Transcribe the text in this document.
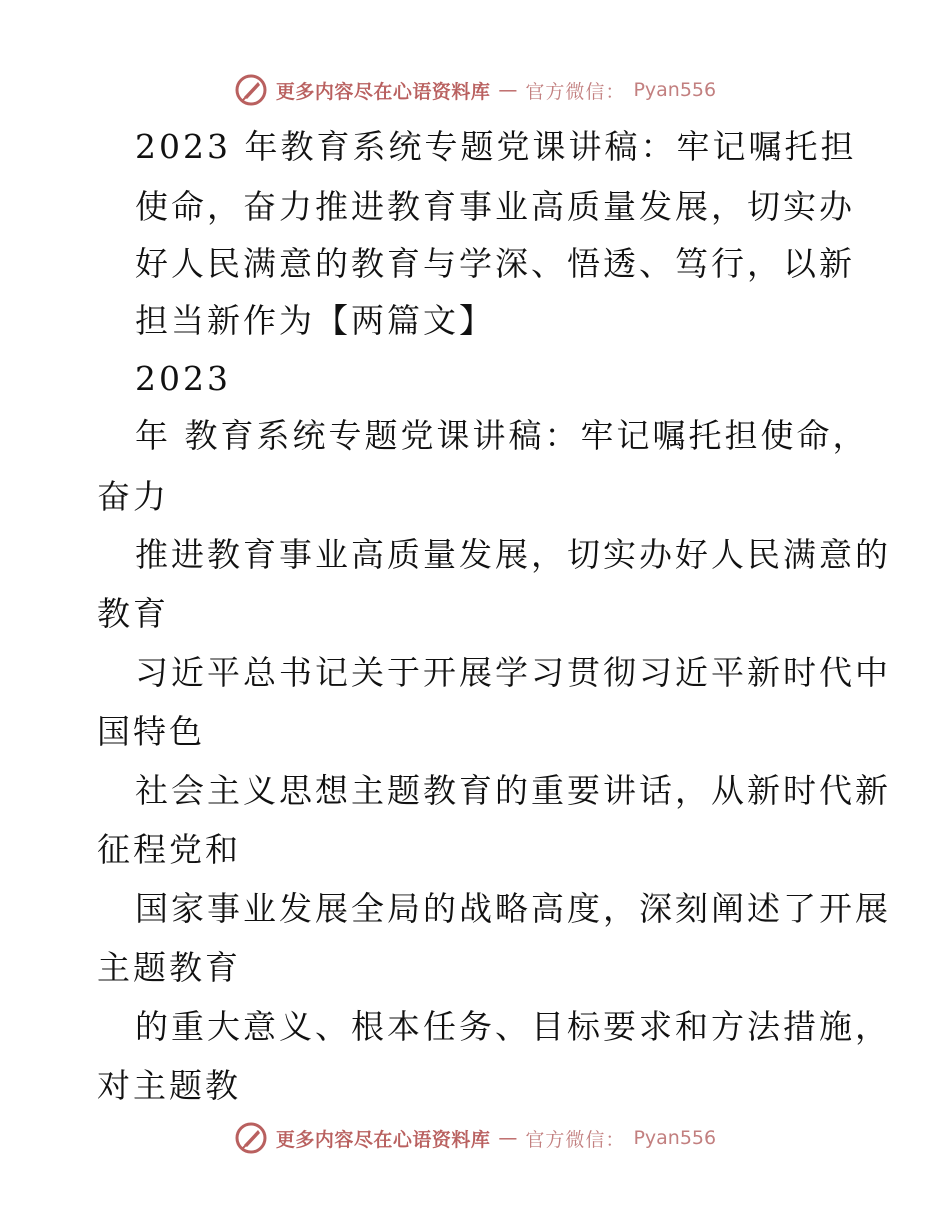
更多内容尽在心语资料库 — 官方微信： Pyan556
2023 年教育系统专题党课讲稿：牢记嘱托担
使命，奋力推进教育事业高质量发展，切实办
好人民满意的教育与学深、悟透、笃行，以新
担当新作为【两篇文】
2023
年 教育系统专题党课讲稿：牢记嘱托担使命，
奋力
推进教育事业高质量发展，切实办好人民满意的
教育
习近平总书记关于开展学习贯彻习近平新时代中
国特色
社会主义思想主题教育的重要讲话，从新时代新
征程党和
国家事业发展全局的战略高度，深刻阐述了开展
主题教育
的重大意义、根本任务、目标要求和方法措施，
对主题教
更多内容尽在心语资料库 — 官方微信： Pyan556
